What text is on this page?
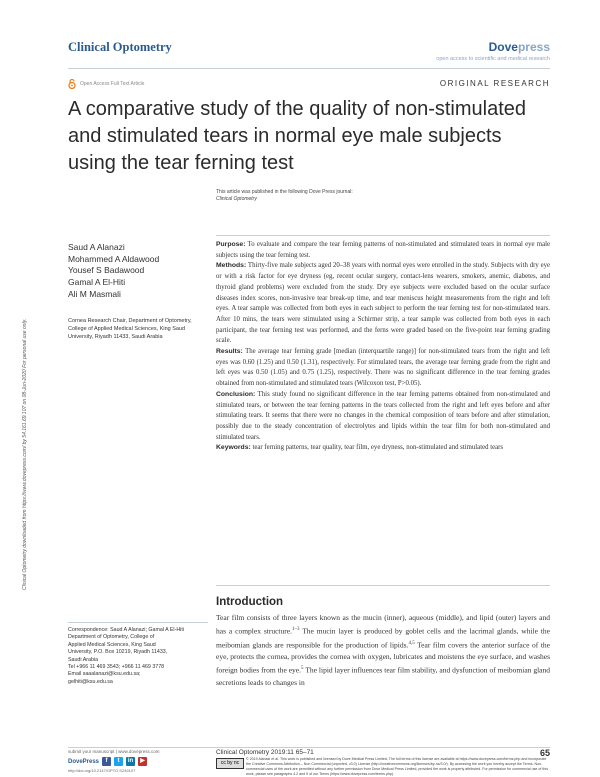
Clinical Optometry	Dovepress
open access to scientific and medical research
Open Access Full Text Article	ORIGINAL RESEARCH
A comparative study of the quality of non-stimulated and stimulated tears in normal eye male subjects using the tear ferning test
Clinical Optometry downloaded from https://www.dovepress.com/ by 54.161.69.107 on 08-Jun-2020 For personal use only.
This article was published in the following Dove Press journal:
Clinical Optometry
Saud A Alanazi
Mohammed A Aldawood
Yousef S Badawood
Gamal A El-Hiti
Ali M Masmali
Cornea Research Chair, Department of Optometry, College of Applied Medical Sciences, King Saud University, Riyadh 11433, Saudi Arabia

Purpose: To evaluate and compare the tear ferning patterns of non-stimulated and stimulated tears in normal eye male subjects using the tear ferning test.

Methods: Thirty-five male subjects aged 20–38 years with normal eyes were enrolled in the study. Subjects with dry eye or with a risk factor for eye dryness (eg, recent ocular surgery, contact-lens wearers, smokers, anemic, diabetes, and thyroid gland problems) were excluded from the study. Dry eye subjects were excluded based on the ocular surface diseases index scores, non-invasive tear break-up time, and tear meniscus height measurements from the right and left eyes. A tear sample was collected from both eyes in each subject to perform the tear ferning test for non-stimulated tears. After 10 mins, the tears were stimulated using a Schirmer strip, a tear sample was collected from both eyes in each participant, the tear ferning test was performed, and the ferns were graded based on the five-point tear ferning grading scale.

Results: The average tear ferning grade [median (interquartile range)] for non-stimulated tears from the right and left eyes was 0.60 (1.25) and 0.50 (1.31), respectively. For stimulated tears, the average tear ferning grade from the right and left eyes was 0.50 (1.05) and 0.75 (1.25), respectively. There was no significant difference in the tear ferning grades obtained from non-stimulated and stimulated tears (Wilcoxon test, P>0.05).

Conclusion: This study found no significant difference in the tear ferning patterns obtained from non-stimulated and stimulated tears, or between the tear ferning patterns in the tears collected from the right and left eyes before and after stimulating tears. It seems that there were no changes in the chemical composition of tears before and after stimulation, possibly due to the steady concentration of electrolytes and lipids within the tear film for both non-stimulated and stimulated tears.

Keywords: tear ferning patterns, tear quality, tear film, eye dryness, non-stimulated and stimulated tears

Introduction
Tear film consists of three layers known as the mucin (inner), aqueous (middle), and lipid (outer) layers and has a complex structure.$^{1-3}$ The mucin layer is produced by goblet cells and the lacrimal glands, while the meibomian glands are responsible for the production of lipids.$^{4,5}$ Tear film covers the anterior surface of the eye, protects the cornea, provides the cornea with oxygen, lubricates and moistens the eye surface, and washes foreign bodies from the eye.$^5$ The lipid layer influences tear film stability, and dysfunction of meibomian gland secretions leads to changes in
Correspondence: Saud A Alanazi; Gamal A El-Hiti
Department of Optometry, College of
Applied Medical Sciences, King Saud
University, P.O. Box 10219, Riyadh 11433,
Saudi Arabia
Tel +966 11 469 3543; +966 11 469 3778
Email saaalanazi@ksu.edu.sa;
gelhiti@ksu.edu.sa
submit your manuscript | www.dovepress.com
DovePress	f	t	in	▶
http://doi.org/10.2147/OPTO.S249107
Clinical Optometry 2019:11 65–71	65
cc by nc
© 2019 Alanazi et al. This work is published and licensed by Dove Medical Press Limited. The full terms of this license are available at https://www.dovepress.com/terms.php and incorporate the Creative Commons Attribution – Non Commercial (unported, v3.0) License (http://creativecommons.org/licenses/by-nc/3.0/). By accessing the work you hereby accept the Terms. Non-commercial uses of the work are permitted without any further permission from Dove Medical Press Limited, provided the work is properly attributed. For permission for commercial use of this work, please see paragraphs 4.2 and 5 of our Terms (https://www.dovepress.com/terms.php).
